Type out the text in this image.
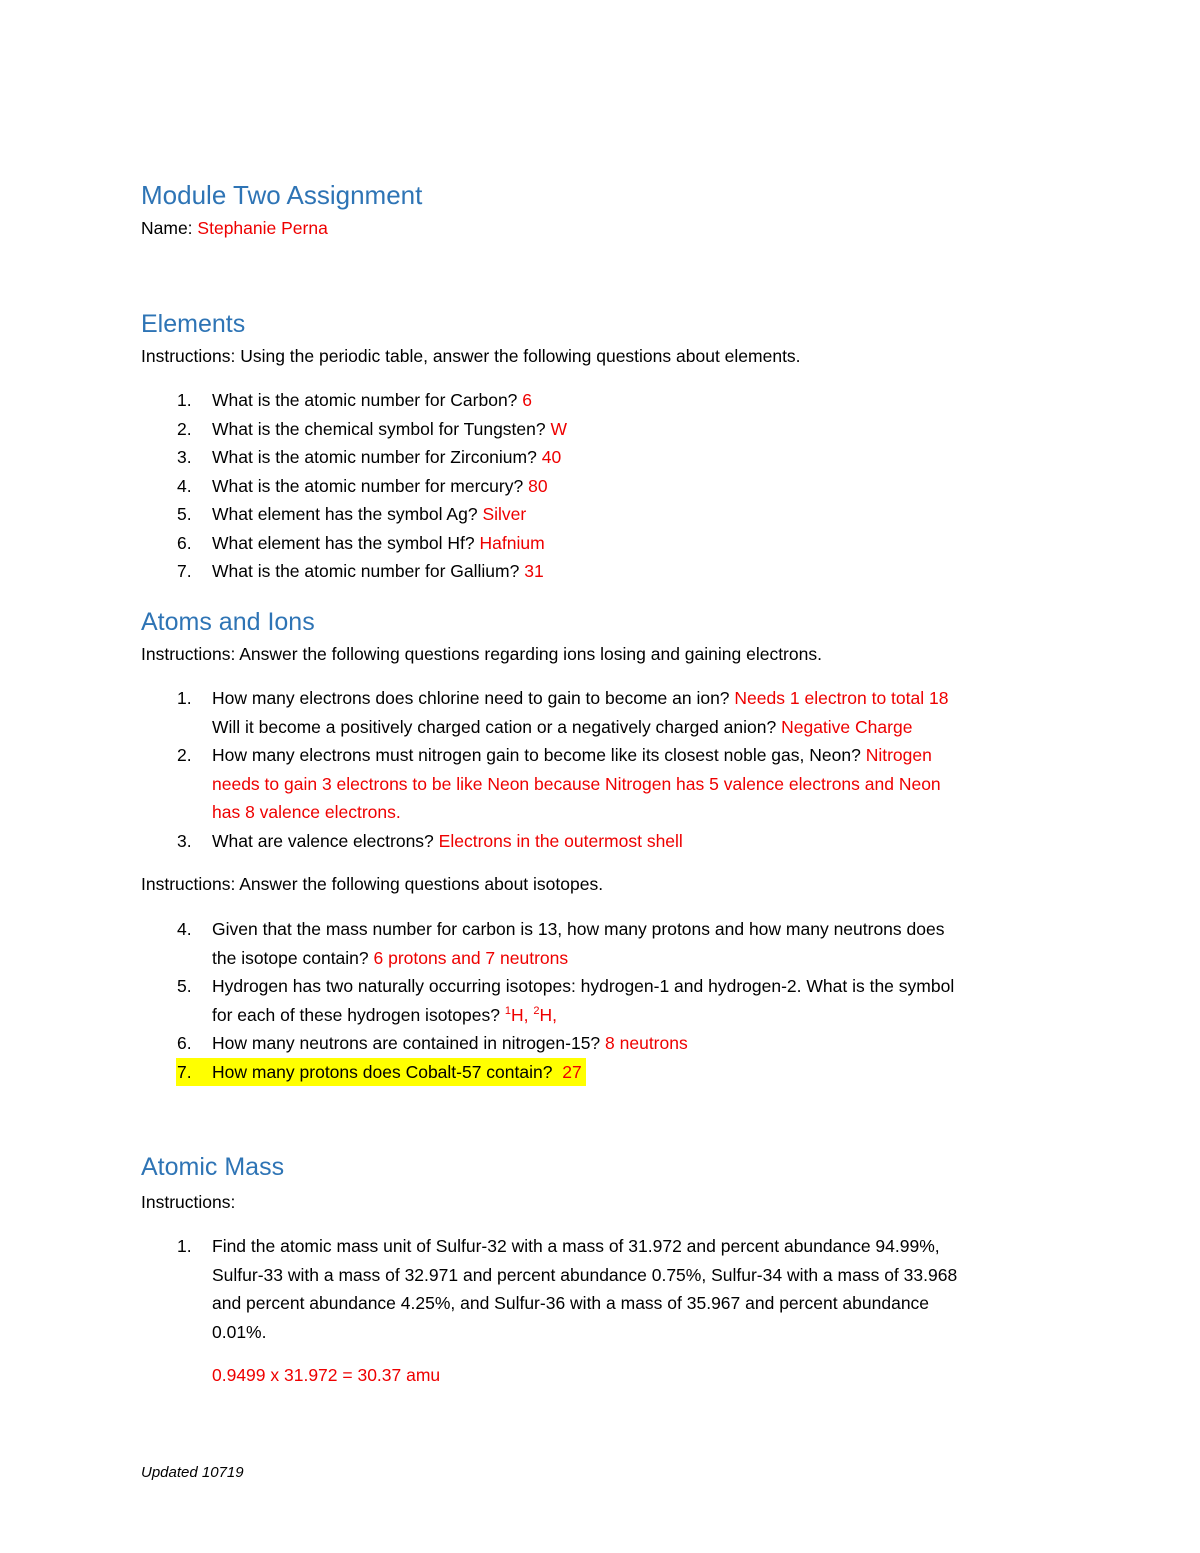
Module Two Assignment

Name: Stephanie Perna

Elements

Instructions: Using the periodic table, answer the following questions about elements.

1. What is the atomic number for Carbon? 6
2. What is the chemical symbol for Tungsten? W
3. What is the atomic number for Zirconium? 40
4. What is the atomic number for mercury? 80
5. What element has the symbol Ag? Silver
6. What element has the symbol Hf? Hafnium
7. What is the atomic number for Gallium? 31
Atoms and Ions

Instructions: Answer the following questions regarding ions losing and gaining electrons.

1. How many electrons does chlorine need to gain to become an ion? Needs 1 electron to total 18
Will it become a positively charged cation or a negatively charged anion? Negative Charge
2. How many electrons must nitrogen gain to become like its closest noble gas, Neon? Nitrogen
needs to gain 3 electrons to be like Neon because Nitrogen has 5 valence electrons and Neon
has 8 valence electrons.
3. What are valence electrons? Electrons in the outermost shell

Instructions: Answer the following questions about isotopes.

4. Given that the mass number for carbon is 13, how many protons and how many neutrons does
the isotope contain? 6 protons and 7 neutrons
5. Hydrogen has two naturally occurring isotopes: hydrogen-1 and hydrogen-2. What is the symbol
for each of these hydrogen isotopes? $^1$H, $^2$H,
6. How many neutrons are contained in nitrogen-15? 8 neutrons
7. How many protons does Cobalt-57 contain? 27
Atomic Mass

Instructions:

1. Find the atomic mass unit of Sulfur-32 with a mass of 31.972 and percent abundance 94.99%,
Sulfur-33 with a mass of 32.971 and percent abundance 0.75%, Sulfur-34 with a mass of 33.968
and percent abundance 4.25%, and Sulfur-36 with a mass of 35.967 and percent abundance
0.01%.

0.9499 x 31.972 = 30.37 amu

Updated 10719
